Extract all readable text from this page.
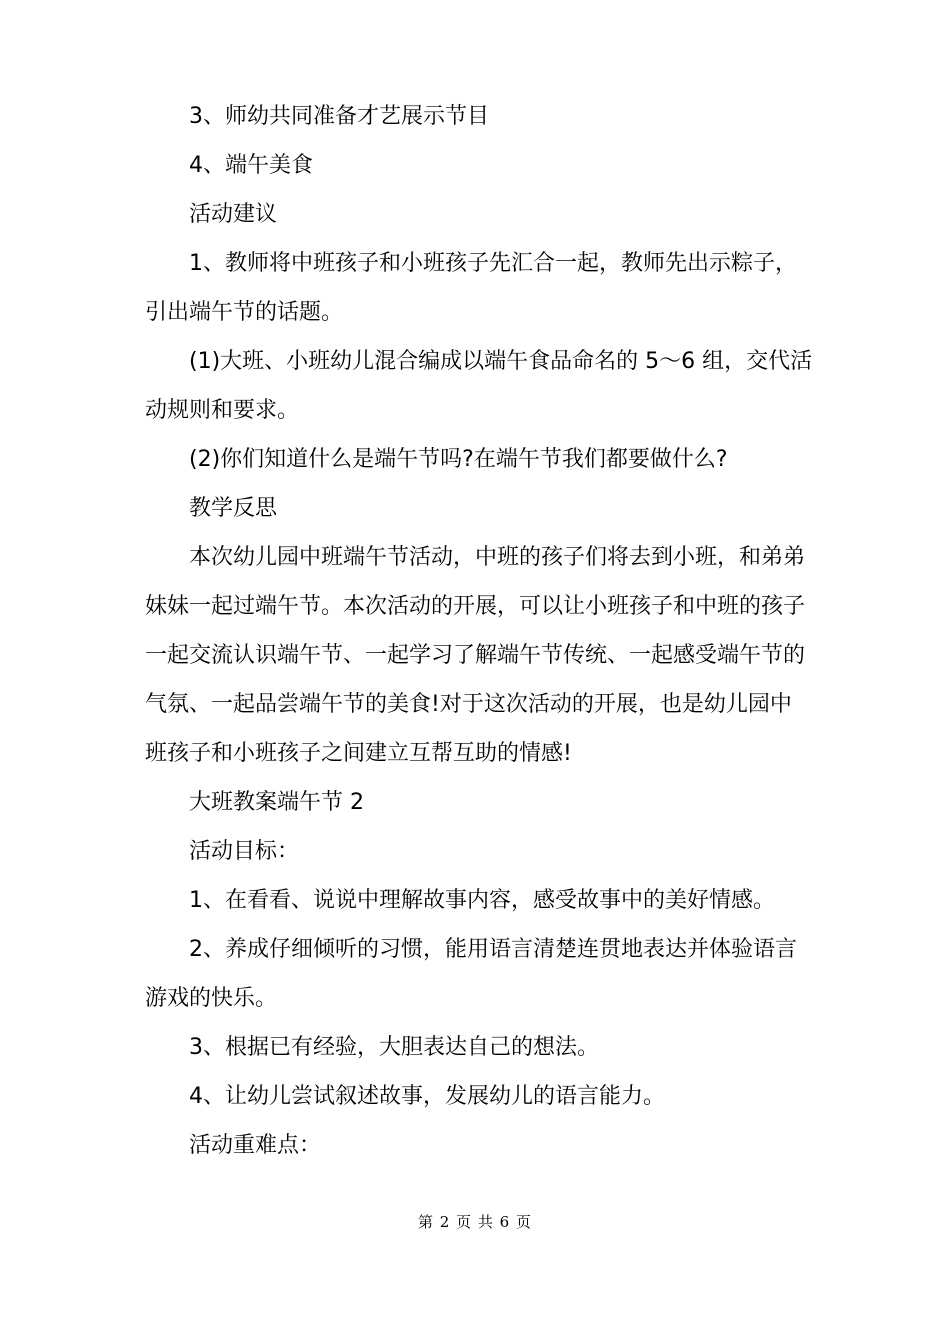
3、师幼共同准备才艺展示节目

4、端午美食

活动建议

1、教师将中班孩子和小班孩子先汇合一起，教师先出示粽子，

引出端午节的话题。

(1)大班、小班幼儿混合编成以端午食品命名的 5～6 组，交代活

动规则和要求。

(2)你们知道什么是端午节吗?在端午节我们都要做什么?

教学反思

本次幼儿园中班端午节活动，中班的孩子们将去到小班，和弟弟

妹妹一起过端午节。本次活动的开展，可以让小班孩子和中班的孩子

一起交流认识端午节、一起学习了解端午节传统、一起感受端午节的

气氛、一起品尝端午节的美食!对于这次活动的开展，也是幼儿园中

班孩子和小班孩子之间建立互帮互助的情感!

大班教案端午节 2

活动目标：

1、在看看、说说中理解故事内容，感受故事中的美好情感。

2、养成仔细倾听的习惯，能用语言清楚连贯地表达并体验语言

游戏的快乐。

3、根据已有经验，大胆表达自己的想法。

4、让幼儿尝试叙述故事，发展幼儿的语言能力。

活动重难点：

第 2 页 共 6 页
